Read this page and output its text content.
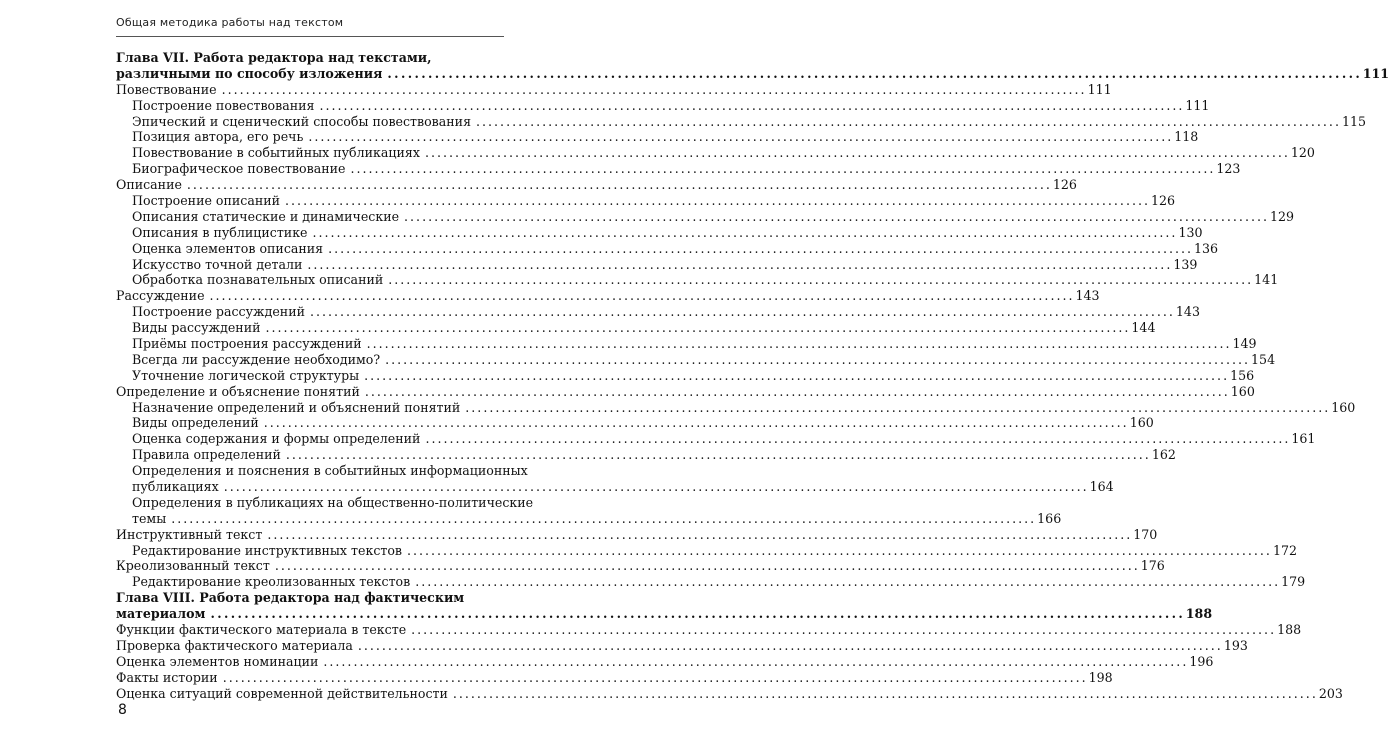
Общая методика работы над текстом
Глава VII. Работа редактора над текстами,
различными по способу изложения . . .	111
Повествование . . .	111
Построение повествования . . .	111
Эпический и сценический способы повествования . . .	115
Позиция автора, его речь . . .	118
Повествование в событийных публикациях . . .	120
Биографическое повествование . . .	123
Описание . . .	126
Построение описаний . . .	126
Описания статические и динамические . . .	129
Описания в публицистике . . .	130
Оценка элементов описания . . .	136
Искусство точной детали . . .	139
Обработка познавательных описаний . . .	141
Рассуждение . . .	143
Построение рассуждений . . .	143
Виды рассуждений . . .	144
Приёмы построения рассуждений . . .	149
Всегда ли рассуждение необходимо? . . .	154
Уточнение логической структуры . . .	156
Определение и объяснение понятий . . .	160
Назначение определений и объяснений понятий . . .	160
Виды определений . . .	160
Оценка содержания и формы определений . . .	161
Правила определений . . .	162
Определения и пояснения в событийных информационных
публикациях . . .	164
Определения в публикациях на общественно-политические
темы . . .	166
Инструктивный текст . . .	170
Редактирование инструктивных текстов . . .	172
Креолизованный текст . . .	176
Редактирование креолизованных текстов . . .	179
Глава VIII. Работа редактора над фактическим
материалом . . .	188
Функции фактического материала в тексте . . .	188
Проверка фактического материала . . .	193
Оценка элементов номинации . . .	196
Факты истории . . .	198
Оценка ситуаций современной действительности . . .	203
8
